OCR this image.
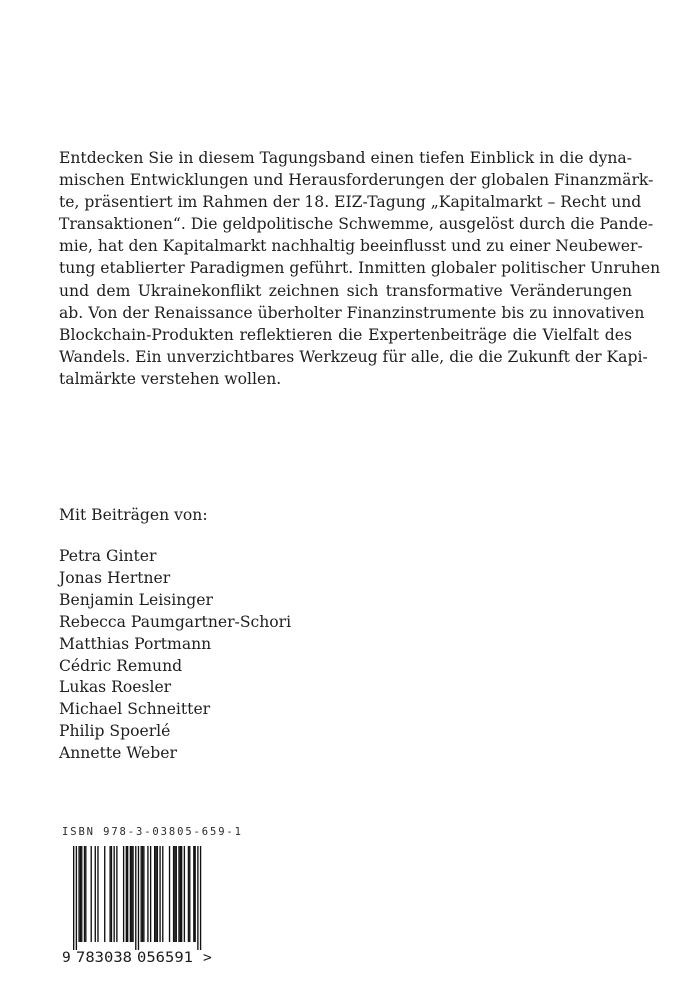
Entdecken Sie in diesem Tagungsband einen tiefen Einblick in die dyna-
mischen Entwicklungen und Herausforderungen der globalen Finanzmärk-
te, präsentiert im Rahmen der 18. EIZ-Tagung „Kapitalmarkt – Recht und
Transaktionen“. Die geldpolitische Schwemme, ausgelöst durch die Pande-
mie, hat den Kapitalmarkt nachhaltig beeinflusst und zu einer Neubewer-
tung etablierter Paradigmen geführt. Inmitten globaler politischer Unruhen
und dem Ukrainekonflikt zeichnen sich transformative Veränderungen
ab. Von der Renaissance überholter Finanzinstrumente bis zu innovativen
Blockchain-Produkten reflektieren die Expertenbeiträge die Vielfalt des
Wandels. Ein unverzichtbares Werkzeug für alle, die die Zukunft der Kapi-
talmärkte verstehen wollen.
Mit Beiträgen von:
Petra Ginter
Jonas Hertner
Benjamin Leisinger
Rebecca Paumgartner-Schori
Matthias Portmann
Cédric Remund
Lukas Roesler
Michael Schneitter
Philip Spoerlé
Annette Weber
ISBN 978-3-03805-659-1
9 783038 056591 >
